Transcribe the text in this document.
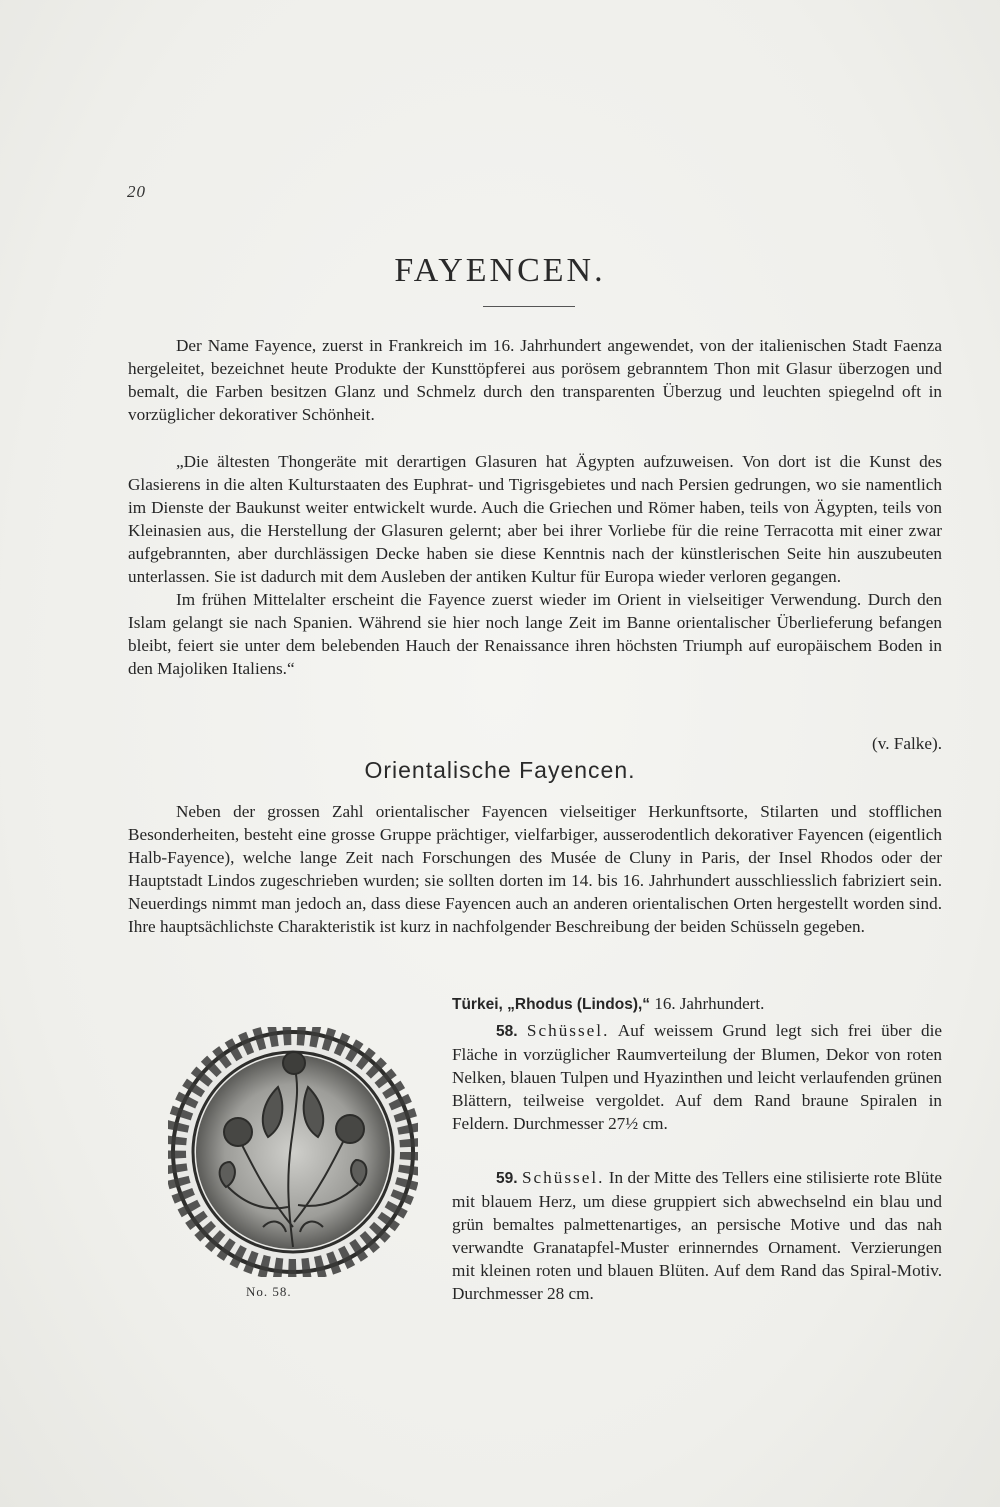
20
FAYENCEN.

Der Name Fayence, zuerst in Frankreich im 16. Jahrhundert angewendet, von der italienischen Stadt Faenza hergeleitet, bezeichnet heute Produkte der Kunsttöpferei aus porösem gebranntem Thon mit Glasur überzogen und bemalt, die Farben besitzen Glanz und Schmelz durch den transparenten Überzug und leuchten spiegelnd oft in vorzüglicher dekorativer Schönheit.

„Die ältesten Thongeräte mit derartigen Glasuren hat Ägypten aufzuweisen. Von dort ist die Kunst des Glasierens in die alten Kulturstaaten des Euphrat- und Tigrisgebietes und nach Persien gedrungen, wo sie namentlich im Dienste der Baukunst weiter entwickelt wurde. Auch die Griechen und Römer haben, teils von Ägypten, teils von Kleinasien aus, die Herstellung der Glasuren gelernt; aber bei ihrer Vorliebe für die reine Terracotta mit einer zwar aufgebrannten, aber durchlässigen Decke haben sie diese Kenntnis nach der künstlerischen Seite hin auszubeuten unterlassen. Sie ist dadurch mit dem Ausleben der antiken Kultur für Europa wieder verloren gegangen.

Im frühen Mittelalter erscheint die Fayence zuerst wieder im Orient in vielseitiger Verwendung. Durch den Islam gelangt sie nach Spanien. Während sie hier noch lange Zeit im Banne orientalischer Überlieferung befangen bleibt, feiert sie unter dem belebenden Hauch der Renaissance ihren höchsten Triumph auf europäischem Boden in den Majoliken Italiens.“

(v. Falke).
Orientalische Fayencen.

Neben der grossen Zahl orientalischer Fayencen vielseitiger Herkunftsorte, Stilarten und stofflichen Besonderheiten, besteht eine grosse Gruppe prächtiger, vielfarbiger, ausserodentlich dekorativer Fayencen (eigentlich Halb-Fayence), welche lange Zeit nach Forschungen des Musée de Cluny in Paris, der Insel Rhodos oder der Hauptstadt Lindos zugeschrieben wurden; sie sollten dorten im 14. bis 16. Jahrhundert ausschliesslich fabriziert sein. Neuerdings nimmt man jedoch an, dass diese Fayencen auch an anderen orientalischen Orten hergestellt worden sind. Ihre hauptsächlichste Charakteristik ist kurz in nachfolgender Beschreibung der beiden Schüsseln gegeben.

Türkei, „Rhodus (Lindos),“ 16. Jahrhundert.

58. Schüssel. Auf weissem Grund legt sich frei über die Fläche in vorzüglicher Raumverteilung der Blumen, Dekor von roten Nelken, blauen Tulpen und Hyazinthen und leicht verlaufenden grünen Blättern, teilweise vergoldet. Auf dem Rand braune Spiralen in Feldern. Durchmesser 27½ cm.

59. Schüssel. In der Mitte des Tellers eine stilisierte rote Blüte mit blauem Herz, um diese gruppiert sich abwechselnd ein blau und grün bemaltes palmettenartiges, an persische Motive und das nah verwandte Granatapfel-Muster erinnerndes Ornament. Verzierungen mit kleinen roten und blauen Blüten. Auf dem Rand das Spiral-Motiv. Durchmesser 28 cm.

No. 58.
